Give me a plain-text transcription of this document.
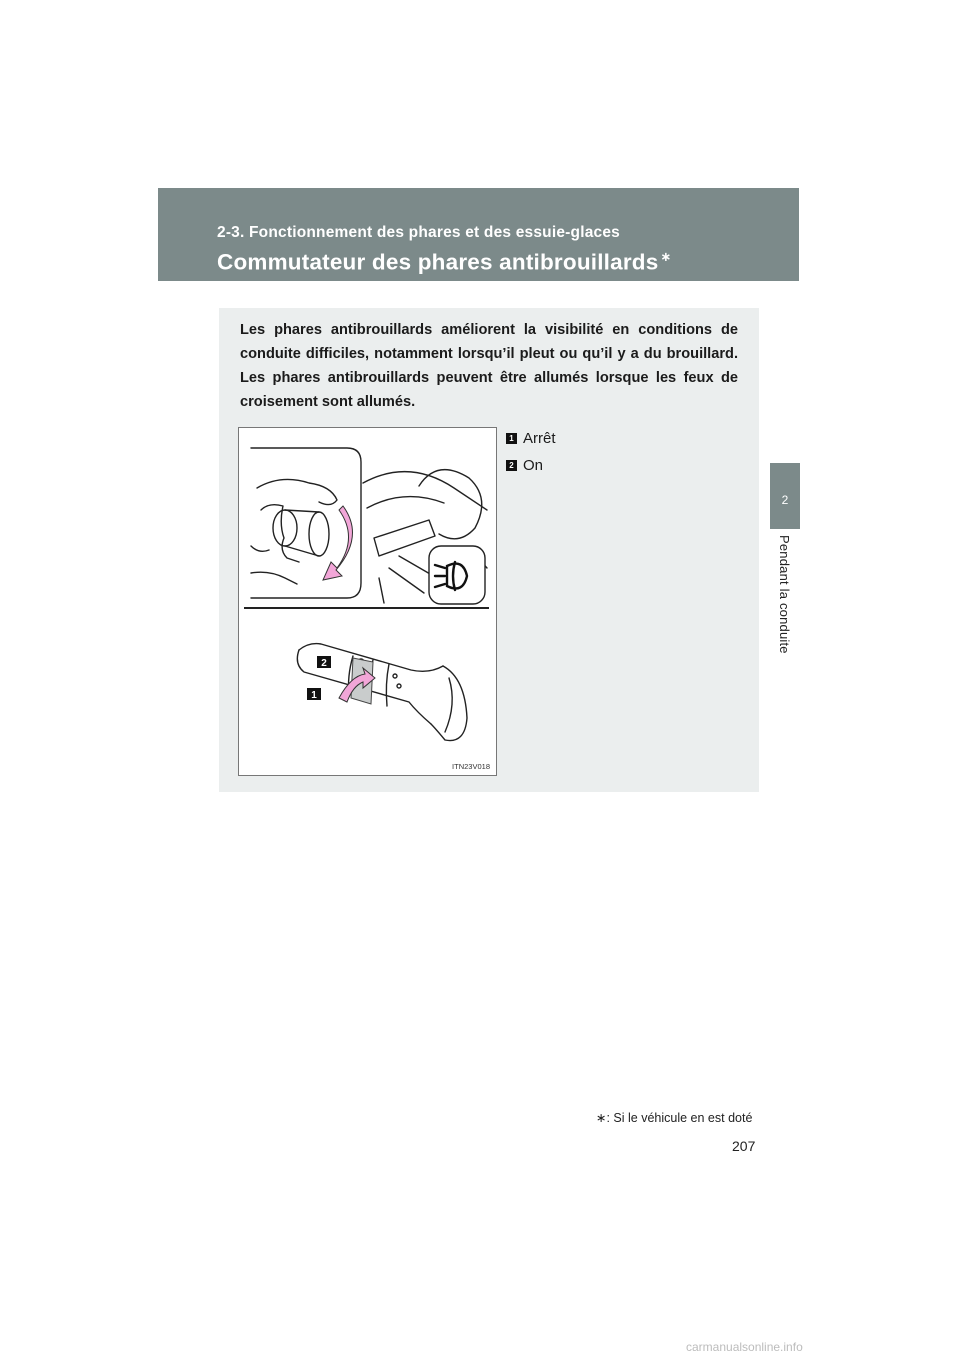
2-3. Fonctionnement des phares et des essuie-glaces
Commutateur des phares antibrouillards ∗
2
Pendant la conduite
Les phares antibrouillards améliorent la visibilité en conditions de conduite difficiles, notamment lorsqu’il pleut ou qu’il y a du brouillard. Les phares antibrouillards peuvent être allumés lorsque les feux de croisement sont allumés.
2
1
ITN23V018
1 Arrêt
2 On
∗: Si le véhicule en est doté
207
carmanualsonline.info
